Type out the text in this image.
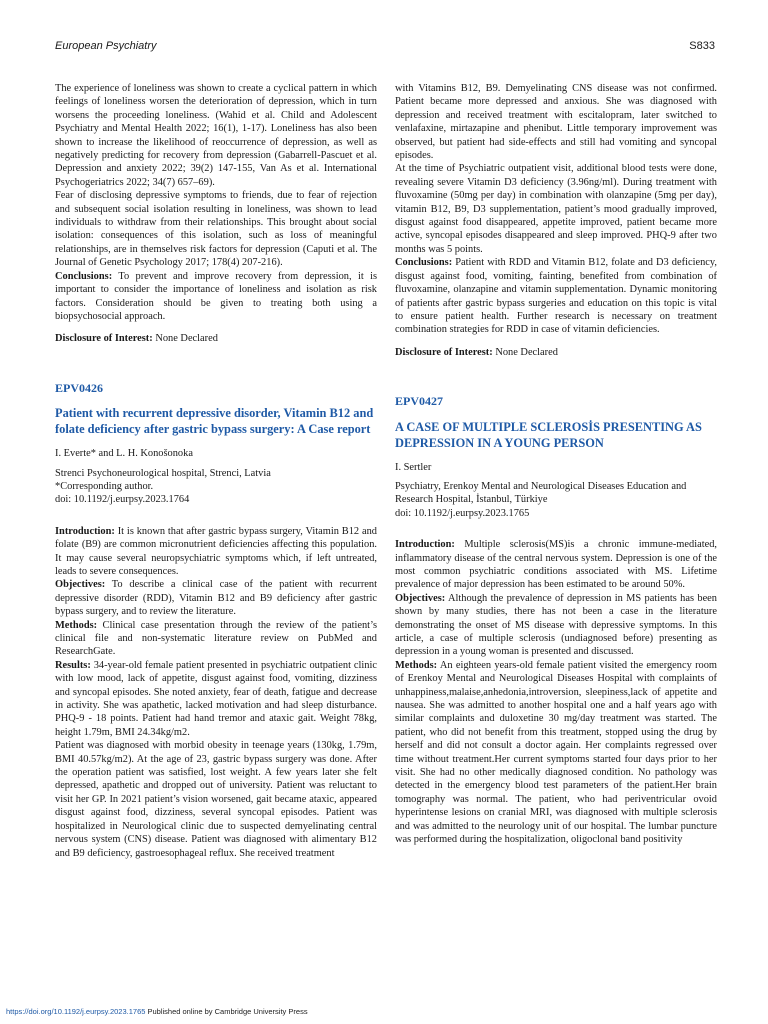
European Psychiatry	S833

The experience of loneliness was shown to create a cyclical pattern in which feelings of loneliness worsen the deterioration of depression, which in turn worsens the proceeding loneliness. (Wahid et al. Child and Adolescent Psychiatry and Mental Health 2022; 16(1), 1-17). Loneliness has also been shown to increase the likelihood of reoccurrence of depression, as well as negatively predicting for recovery from depression (Gabarrell-Pascuet et al. Depression and anxiety 2022; 39(2) 147-155, Van As et al. International Psychogeriatrics 2022; 34(7) 657–69).

Fear of disclosing depressive symptoms to friends, due to fear of rejection and subsequent social isolation resulting in loneliness, was shown to lead individuals to withdraw from their relationships. This brought about social isolation: consequences of this isolation, such as loss of meaningful relationships, are in themselves risk factors for depression (Caputi et al. The Journal of Genetic Psychology 2017; 178(4) 207-216).

Conclusions: To prevent and improve recovery from depression, it is important to consider the importance of loneliness and isolation as risk factors. Consideration should be given to treating both using a biopsychosocial approach.

Disclosure of Interest: None Declared

EPV0426
Patient with recurrent depressive disorder, Vitamin B12 and folate deficiency after gastric bypass surgery: A Case report
I. Everte* and L. H. Konošonoka
Strenci Psychoneurological hospital, Strenci, Latvia
*Corresponding author.
doi: 10.1192/j.eurpsy.2023.1764

Introduction: It is known that after gastric bypass surgery, Vitamin B12 and folate (B9) are common micronutrient deficiencies affecting this population. It may cause several neuropsychiatric symptoms which, if left untreated, leads to severe consequences.

Objectives: To describe a clinical case of the patient with recurrent depressive disorder (RDD), Vitamin B12 and B9 deficiency after gastric bypass surgery, and to review the literature.

Methods: Clinical case presentation through the review of the patient’s clinical file and non-systematic literature review on PubMed and ResearchGate.

Results: 34-year-old female patient presented in psychiatric outpatient clinic with low mood, lack of appetite, disgust against food, vomiting, dizziness and syncopal episodes. She noted anxiety, fear of death, fatigue and decrease in activity. She was apathetic, lacked motivation and had sleep disturbance. PHQ-9 - 18 points. Patient had hand tremor and ataxic gait. Weight 78kg, height 1.79m, BMI 24.34kg/m2.

Patient was diagnosed with morbid obesity in teenage years (130kg, 1.79m, BMI 40.57kg/m2). At the age of 23, gastric bypass surgery was done. After the operation patient was satisfied, lost weight. A few years later she felt depressed, apathetic and dropped out of university. Patient was reluctant to visit her GP. In 2021 patient’s vision worsened, gait became ataxic, appeared disgust against food, dizziness, several syncopal episodes. Patient was hospitalized in Neurological clinic due to suspected demyelinating central nervous system (CNS) disease. Patient was diagnosed with alimentary B12 and B9 deficiency, gastroesophageal reflux. She received treatment

with Vitamins B12, B9. Demyelinating CNS disease was not confirmed. Patient became more depressed and anxious. She was diagnosed with depression and received treatment with escitalopram, later switched to venlafaxine, mirtazapine and phenibut. Little temporary improvement was observed, but patient had side-effects and still had vomiting and syncopal episodes.

At the time of Psychiatric outpatient visit, additional blood tests were done, revealing severe Vitamin D3 deficiency (3.96ng/ml). During treatment with fluvoxamine (50mg per day) in combination with olanzapine (5mg per day), vitamin B12, B9, D3 supplementation, patient’s mood gradually improved, disgust against food disappeared, appetite improved, patient became more active, syncopal episodes disappeared and sleep improved. PHQ-9 after two months was 5 points.

Conclusions: Patient with RDD and Vitamin B12, folate and D3 deficiency, disgust against food, vomiting, fainting, benefited from combination of fluvoxamine, olanzapine and vitamin supplementation. Dynamic monitoring of patients after gastric bypass surgeries and education on this topic is vital to ensure patient health. Further research is necessary on treatment combination strategies for RDD in case of vitamin deficiencies.

Disclosure of Interest: None Declared

EPV0427
A CASE OF MULTIPLE SCLEROSİS PRESENTING AS DEPRESSION IN A YOUNG PERSON
I. Sertler
Psychiatry, Erenkoy Mental and Neurological Diseases Education and Research Hospital, İstanbul, Türkiye
doi: 10.1192/j.eurpsy.2023.1765

Introduction: Multiple sclerosis(MS)is a chronic immune-mediated, inflammatory disease of the central nervous system. Depression is one of the most common psychiatric conditions associated with MS. Lifetime prevalence of major depression has been estimated to be around 50%.

Objectives: Although the prevalence of depression in MS patients has been shown by many studies, there has not been a case in the literature demonstrating the onset of MS disease with depressive symptoms. In this article, a case of multiple sclerosis (undiagnosed before) presenting as depression in a young woman is presented and discussed.

Methods: An eighteen years-old female patient visited the emergency room of Erenkoy Mental and Neurological Diseases Hospital with complaints of unhappiness,malaise,anhedonia,introversion, sleepiness,lack of appetite and nausea. She was admitted to another hospital one and a half years ago with similar complaints and duloxetine 30 mg/day treatment was started. The patient, who did not benefit from this treatment, stopped using the drug by herself and did not consult a doctor again. Her complaints regressed over time without treatment.Her current symptoms started four days prior to her visit. She had no other medically diagnosed condition. No pathology was detected in the emergency blood test parameters of the patient.Her brain tomography was normal. The patient, who had periventricular ovoid hyperintense lesions on cranial MRI, was diagnosed with multiple sclerosis and was admitted to the neurology unit of our hospital. The lumbar puncture was performed during the hospitalization, oligoclonal band positivity

https://doi.org/10.1192/j.eurpsy.2023.1765 Published online by Cambridge University Press
